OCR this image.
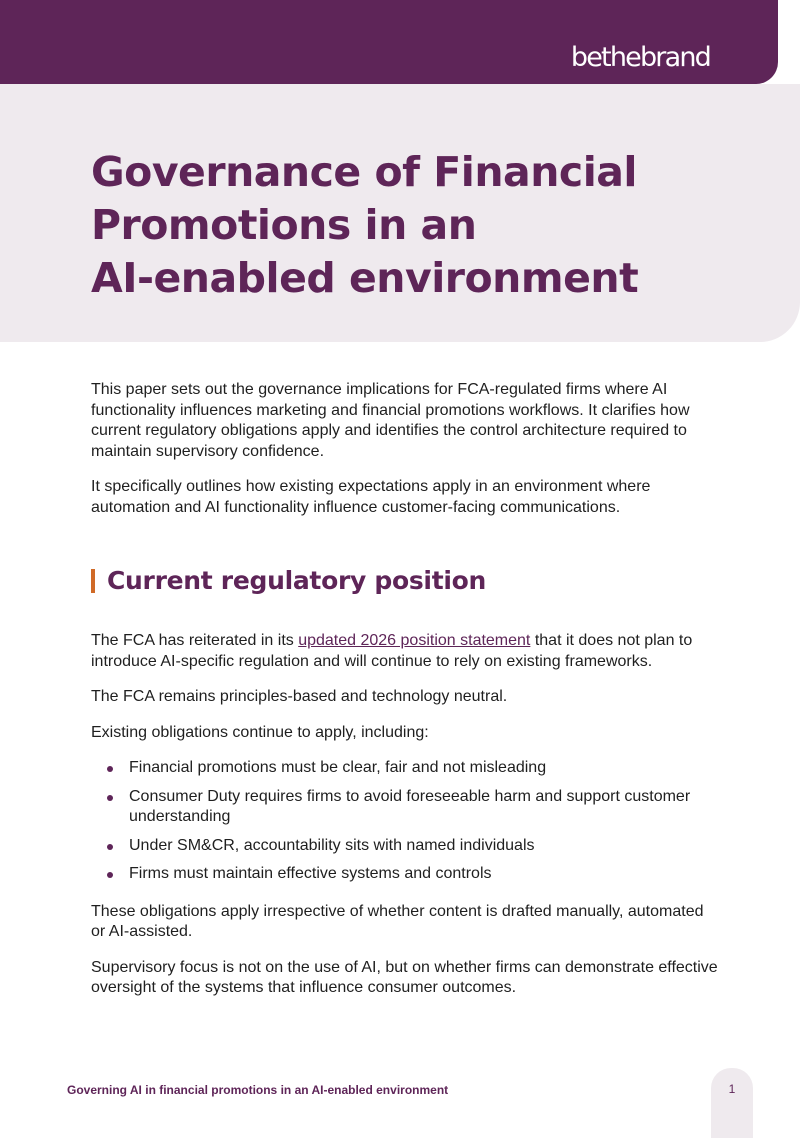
bethebrand
Governance of Financial
Promotions in an
AI-enabled environment

This paper sets out the governance implications for FCA-regulated firms where AI functionality influences marketing and financial promotions workflows. It clarifies how current regulatory obligations apply and identifies the control architecture required to maintain supervisory confidence.

It specifically outlines how existing expectations apply in an environment where automation and AI functionality influence customer-facing communications.

Current regulatory position

The FCA has reiterated in its updated 2026 position statement that it does not plan to introduce AI-specific regulation and will continue to rely on existing frameworks.

The FCA remains principles-based and technology neutral.

Existing obligations continue to apply, including:

Financial promotions must be clear, fair and not misleading
Consumer Duty requires firms to avoid foreseeable harm and support customer understanding
Under SM&CR, accountability sits with named individuals
Firms must maintain effective systems and controls

These obligations apply irrespective of whether content is drafted manually, automated or AI-assisted.

Supervisory focus is not on the use of AI, but on whether firms can demonstrate effective oversight of the systems that influence consumer outcomes.

Governing AI in financial promotions in an AI-enabled environment	1
